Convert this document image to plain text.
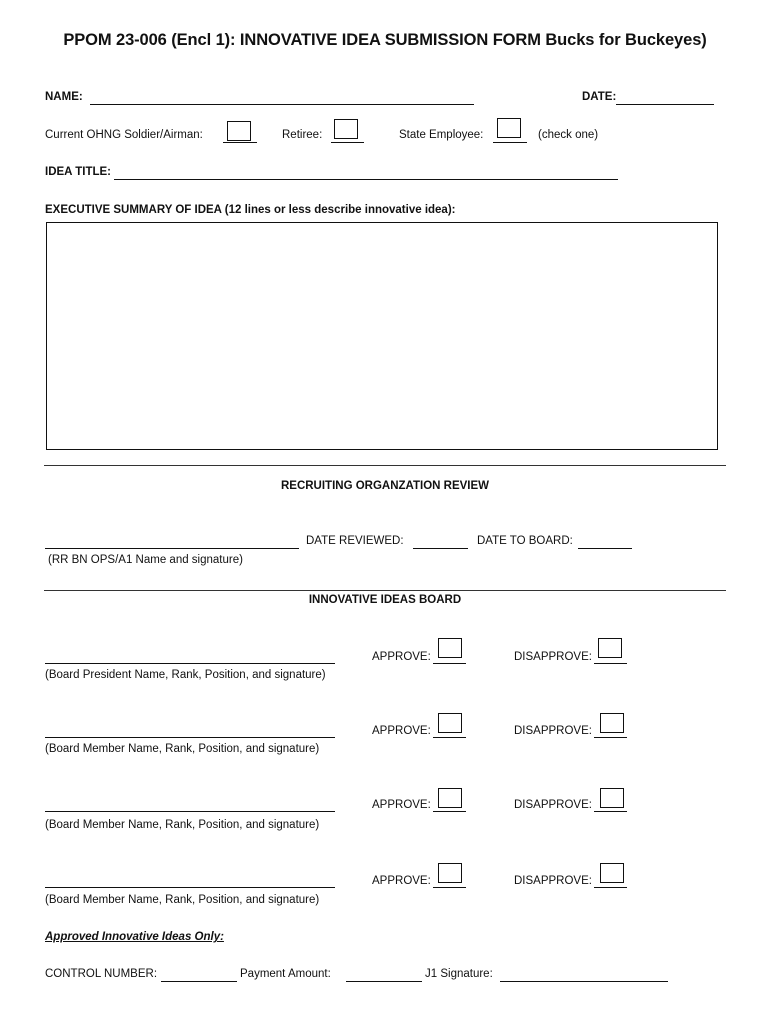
PPOM 23-006 (Encl 1): INNOVATIVE IDEA SUBMISSION FORM Bucks for Buckeyes)
NAME:	DATE:
Current OHNG Soldier/Airman:	Retiree:	State Employee:	(check one)
IDEA TITLE:
EXECUTIVE SUMMARY OF IDEA (12 lines or less describe innovative idea):
RECRUITING ORGANZATION REVIEW
DATE REVIEWED:	DATE TO BOARD:
(RR BN OPS/A1 Name and signature)
INNOVATIVE IDEAS BOARD
(Board President Name, Rank, Position, and signature)
APPROVE:	DISAPPROVE:
(Board Member Name, Rank, Position, and signature)
APPROVE:	DISAPPROVE:
(Board Member Name, Rank, Position, and signature)
APPROVE:	DISAPPROVE:
(Board Member Name, Rank, Position, and signature)
APPROVE:	DISAPPROVE:
Approved Innovative Ideas Only:
CONTROL NUMBER:	Payment Amount:	J1 Signature:
